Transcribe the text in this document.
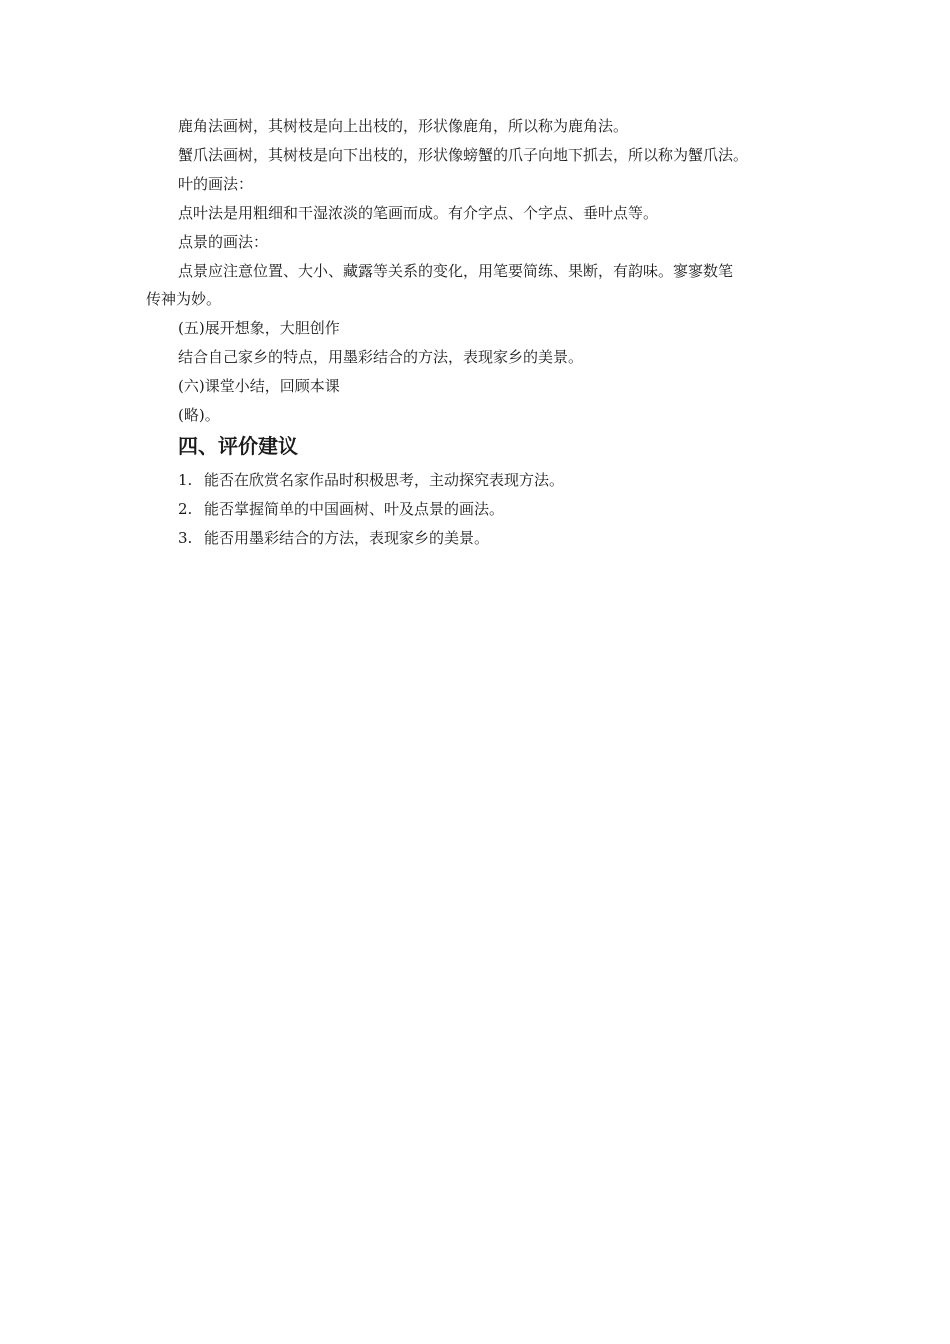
鹿角法画树，其树枝是向上出枝的，形状像鹿角，所以称为鹿角法。
蟹爪法画树，其树枝是向下出枝的，形状像螃蟹的爪子向地下抓去，所以称为蟹爪法。
叶的画法：
点叶法是用粗细和干湿浓淡的笔画而成。有介字点、个字点、垂叶点等。
点景的画法：
点景应注意位置、大小、藏露等关系的变化，用笔要简练、果断，有韵味。寥寥数笔
传神为妙。
(五)展开想象，大胆创作
结合自己家乡的特点，用墨彩结合的方法，表现家乡的美景。
(六)课堂小结，回顾本课
(略)。
四、评价建议
1. 能否在欣赏名家作品时积极思考，主动探究表现方法。
2. 能否掌握简单的中国画树、叶及点景的画法。
3. 能否用墨彩结合的方法，表现家乡的美景。
